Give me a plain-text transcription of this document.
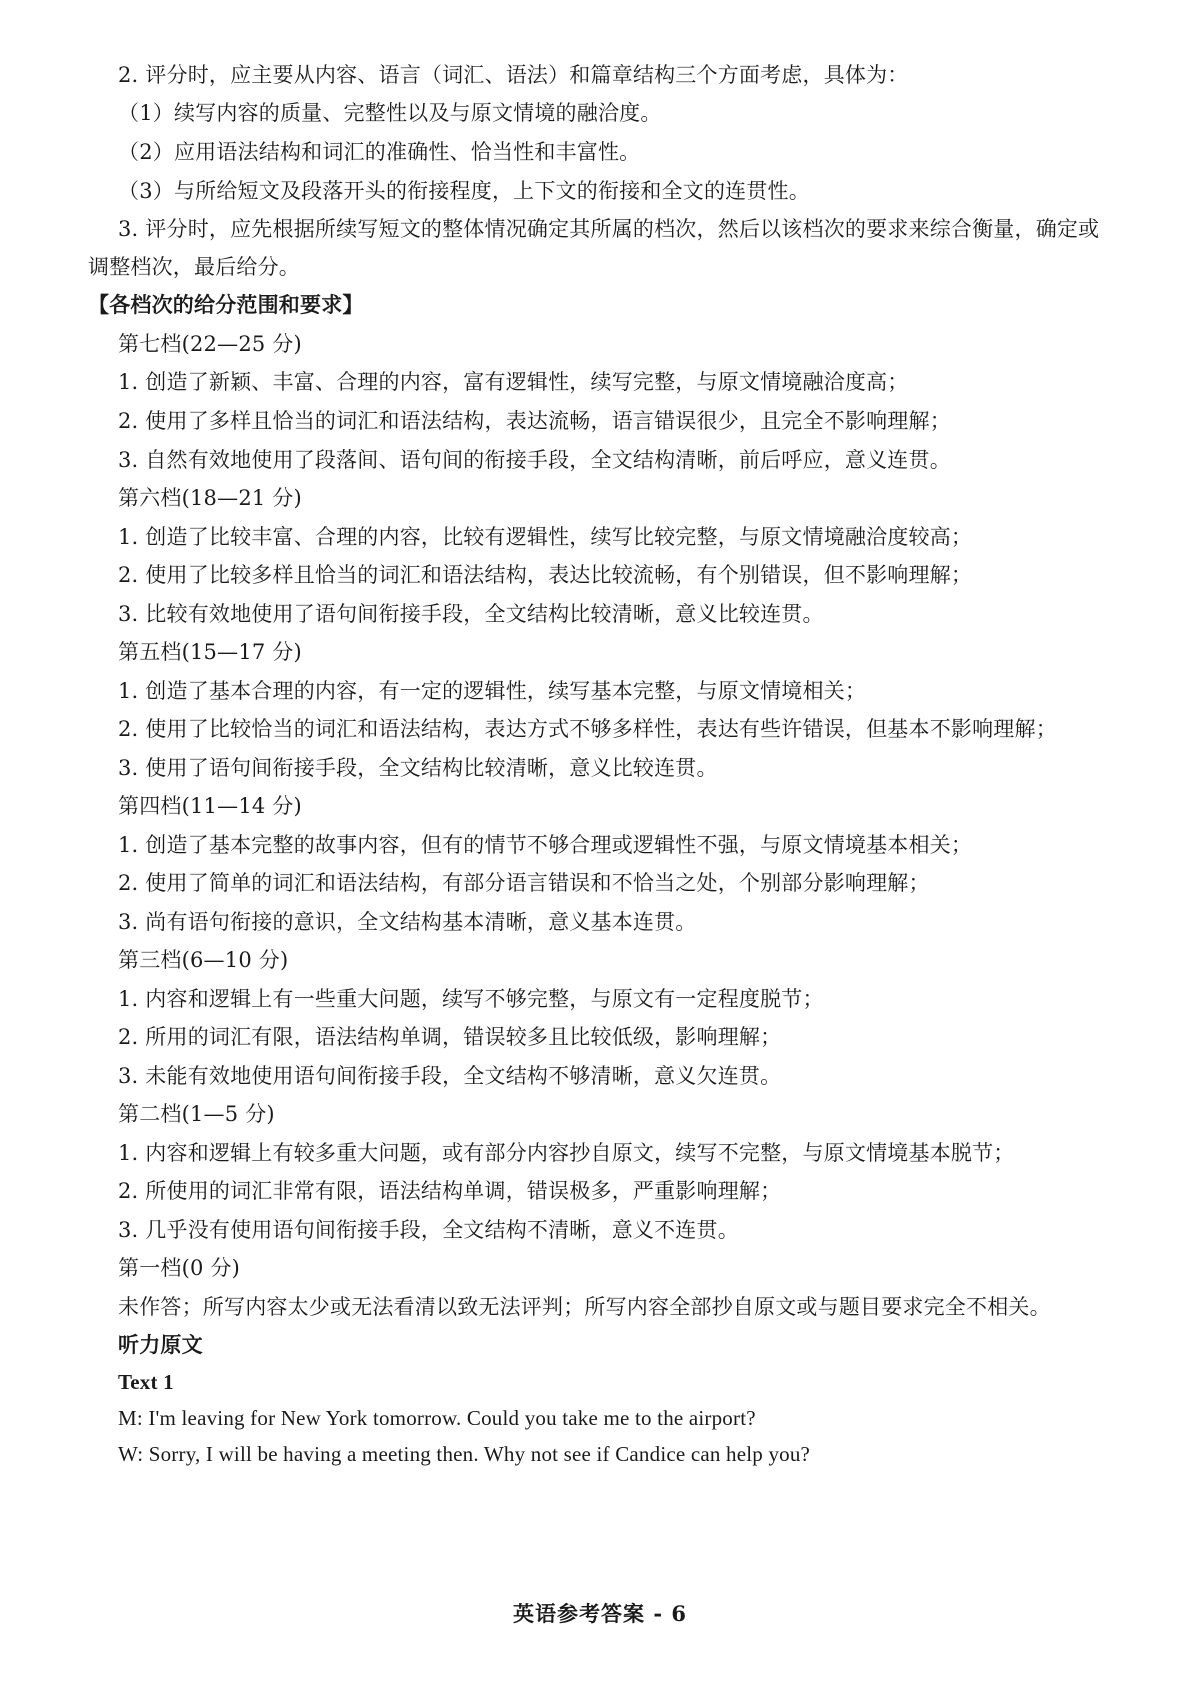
2. 评分时，应主要从内容、语言（词汇、语法）和篇章结构三个方面考虑，具体为：
（1）续写内容的质量、完整性以及与原文情境的融洽度。
（2）应用语法结构和词汇的准确性、恰当性和丰富性。
（3）与所给短文及段落开头的衔接程度，上下文的衔接和全文的连贯性。
3. 评分时，应先根据所续写短文的整体情况确定其所属的档次，然后以该档次的要求来综合衡量，确定或
调整档次，最后给分。
【各档次的给分范围和要求】
第七档(22—25 分)
1. 创造了新颖、丰富、合理的内容，富有逻辑性，续写完整，与原文情境融洽度高；
2. 使用了多样且恰当的词汇和语法结构，表达流畅，语言错误很少，且完全不影响理解；
3. 自然有效地使用了段落间、语句间的衔接手段，全文结构清晰，前后呼应，意义连贯。
第六档(18—21 分)
1. 创造了比较丰富、合理的内容，比较有逻辑性，续写比较完整，与原文情境融洽度较高；
2. 使用了比较多样且恰当的词汇和语法结构，表达比较流畅，有个别错误，但不影响理解；
3. 比较有效地使用了语句间衔接手段，全文结构比较清晰，意义比较连贯。
第五档(15—17 分)
1. 创造了基本合理的内容，有一定的逻辑性，续写基本完整，与原文情境相关；
2. 使用了比较恰当的词汇和语法结构，表达方式不够多样性，表达有些许错误，但基本不影响理解；
3. 使用了语句间衔接手段，全文结构比较清晰，意义比较连贯。
第四档(11—14 分)
1. 创造了基本完整的故事内容，但有的情节不够合理或逻辑性不强，与原文情境基本相关；
2. 使用了简单的词汇和语法结构，有部分语言错误和不恰当之处，个别部分影响理解；
3. 尚有语句衔接的意识，全文结构基本清晰，意义基本连贯。
第三档(6—10 分)
1. 内容和逻辑上有一些重大问题，续写不够完整，与原文有一定程度脱节；
2. 所用的词汇有限，语法结构单调，错误较多且比较低级，影响理解；
3. 未能有效地使用语句间衔接手段，全文结构不够清晰，意义欠连贯。
第二档(1—5 分)
1. 内容和逻辑上有较多重大问题，或有部分内容抄自原文，续写不完整，与原文情境基本脱节；
2. 所使用的词汇非常有限，语法结构单调，错误极多，严重影响理解；
3. 几乎没有使用语句间衔接手段，全文结构不清晰，意义不连贯。
第一档(0 分)
未作答；所写内容太少或无法看清以致无法评判；所写内容全部抄自原文或与题目要求完全不相关。
听力原文
Text 1
M: I'm leaving for New York tomorrow. Could you take me to the airport?
W: Sorry, I will be having a meeting then. Why not see if Candice can help you?
英语参考答案 - 6
